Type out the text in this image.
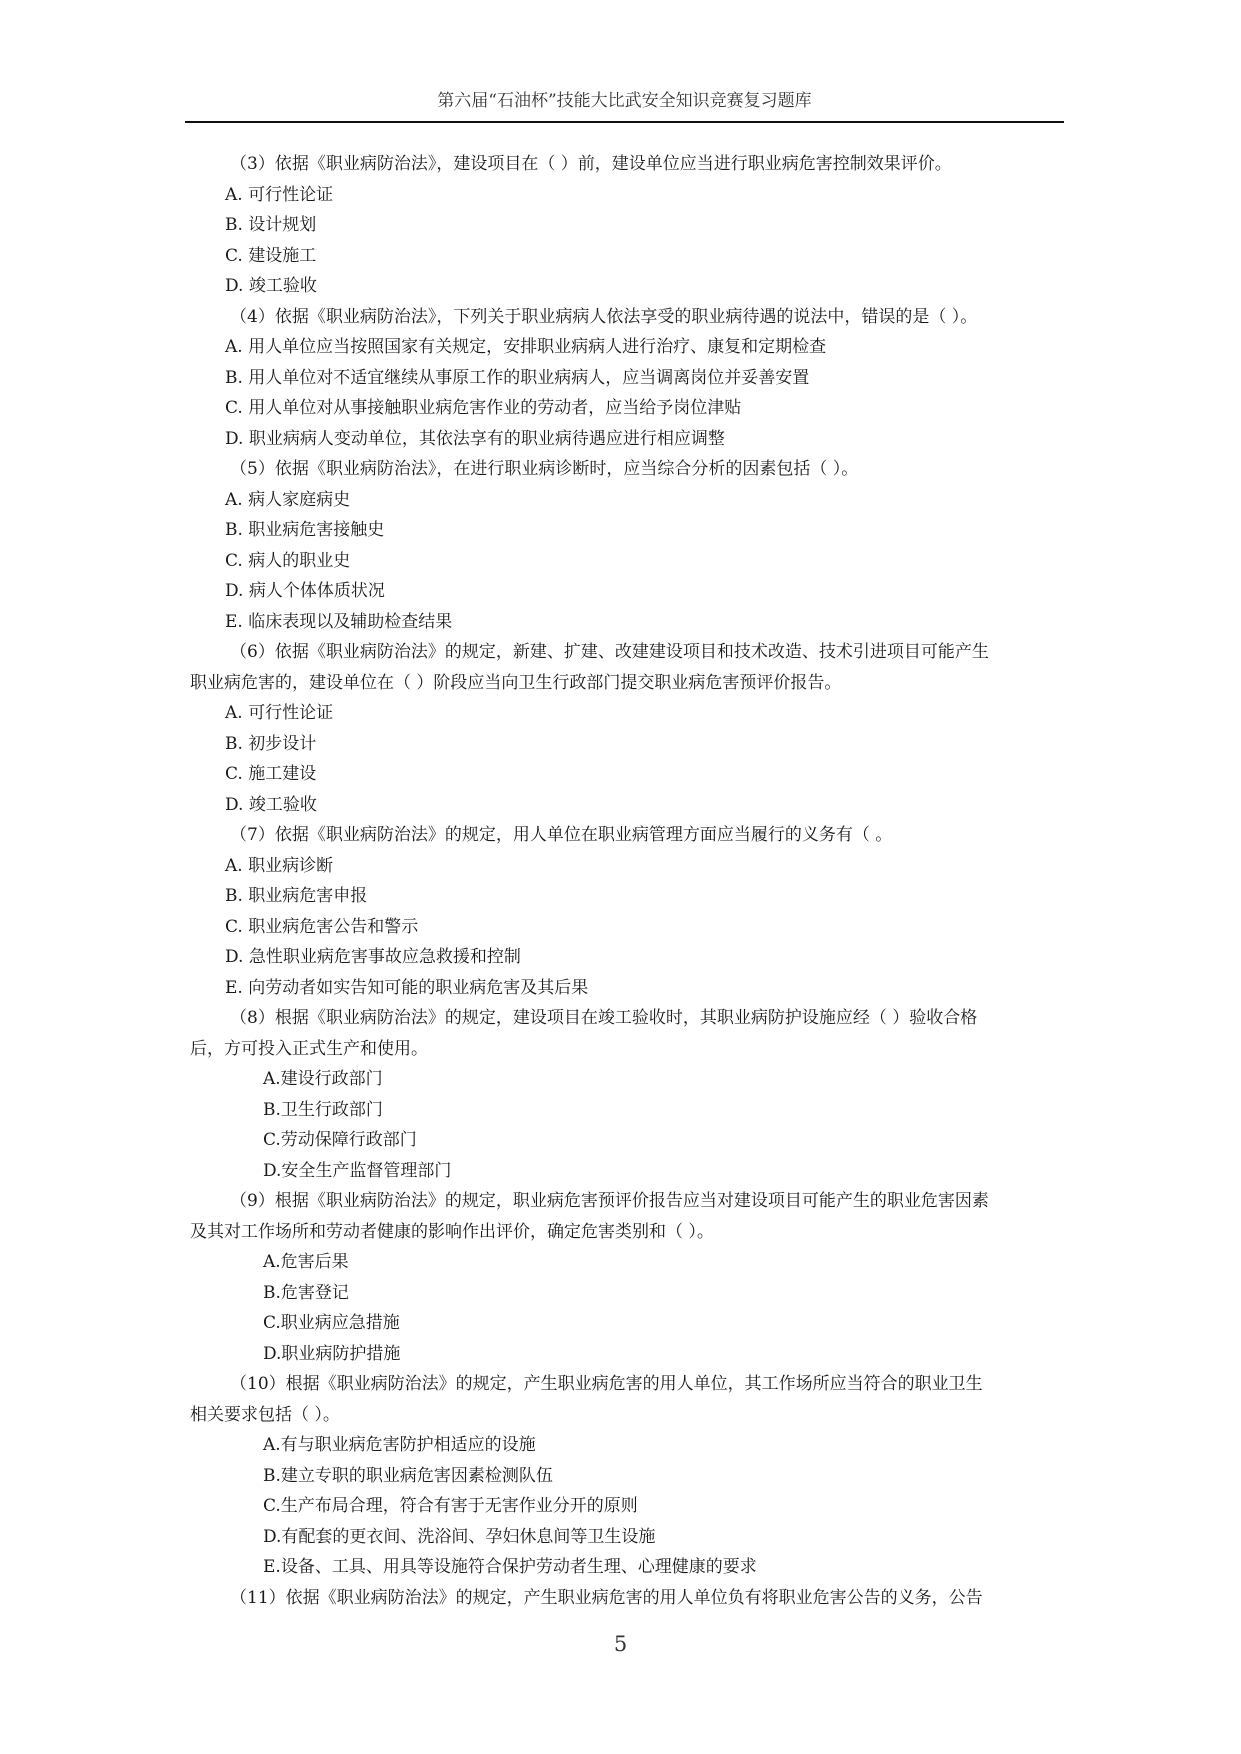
第六届“石油杯”技能大比武安全知识竞赛复习题库
（3）依据《职业病防治法》，建设项目在（ ）前，建设单位应当进行职业病危害控制效果评价。
A. 可行性论证
B. 设计规划
C. 建设施工
D. 竣工验收
（4）依据《职业病防治法》，下列关于职业病病人依法享受的职业病待遇的说法中，错误的是（ ）。
A. 用人单位应当按照国家有关规定，安排职业病病人进行治疗、康复和定期检查
B. 用人单位对不适宜继续从事原工作的职业病病人，应当调离岗位并妥善安置
C. 用人单位对从事接触职业病危害作业的劳动者，应当给予岗位津贴
D. 职业病病人变动单位，其依法享有的职业病待遇应进行相应调整
（5）依据《职业病防治法》，在进行职业病诊断时，应当综合分析的因素包括（ ）。
A. 病人家庭病史
B. 职业病危害接触史
C. 病人的职业史
D. 病人个体体质状况
E. 临床表现以及辅助检查结果
（6）依据《职业病防治法》的规定，新建、扩建、改建建设项目和技术改造、技术引进项目可能产生
职业病危害的，建设单位在（ ）阶段应当向卫生行政部门提交职业病危害预评价报告。
A. 可行性论证
B. 初步设计
C. 施工建设
D. 竣工验收
（7）依据《职业病防治法》的规定，用人单位在职业病管理方面应当履行的义务有（ 。
A. 职业病诊断
B. 职业病危害申报
C. 职业病危害公告和警示
D. 急性职业病危害事故应急救援和控制
E. 向劳动者如实告知可能的职业病危害及其后果
（8）根据《职业病防治法》的规定，建设项目在竣工验收时，其职业病防护设施应经（ ）验收合格
后，方可投入正式生产和使用。
A.建设行政部门
B.卫生行政部门
C.劳动保障行政部门
D.安全生产监督管理部门
（9）根据《职业病防治法》的规定，职业病危害预评价报告应当对建设项目可能产生的职业危害因素
及其对工作场所和劳动者健康的影响作出评价，确定危害类别和（ ）。
A.危害后果
B.危害登记
C.职业病应急措施
D.职业病防护措施
（10）根据《职业病防治法》的规定，产生职业病危害的用人单位，其工作场所应当符合的职业卫生
相关要求包括（ ）。
A.有与职业病危害防护相适应的设施
B.建立专职的职业病危害因素检测队伍
C.生产布局合理，符合有害于无害作业分开的原则
D.有配套的更衣间、洗浴间、孕妇休息间等卫生设施
E.设备、工具、用具等设施符合保护劳动者生理、心理健康的要求
（11）依据《职业病防治法》的规定，产生职业病危害的用人单位负有将职业危害公告的义务，公告
5
